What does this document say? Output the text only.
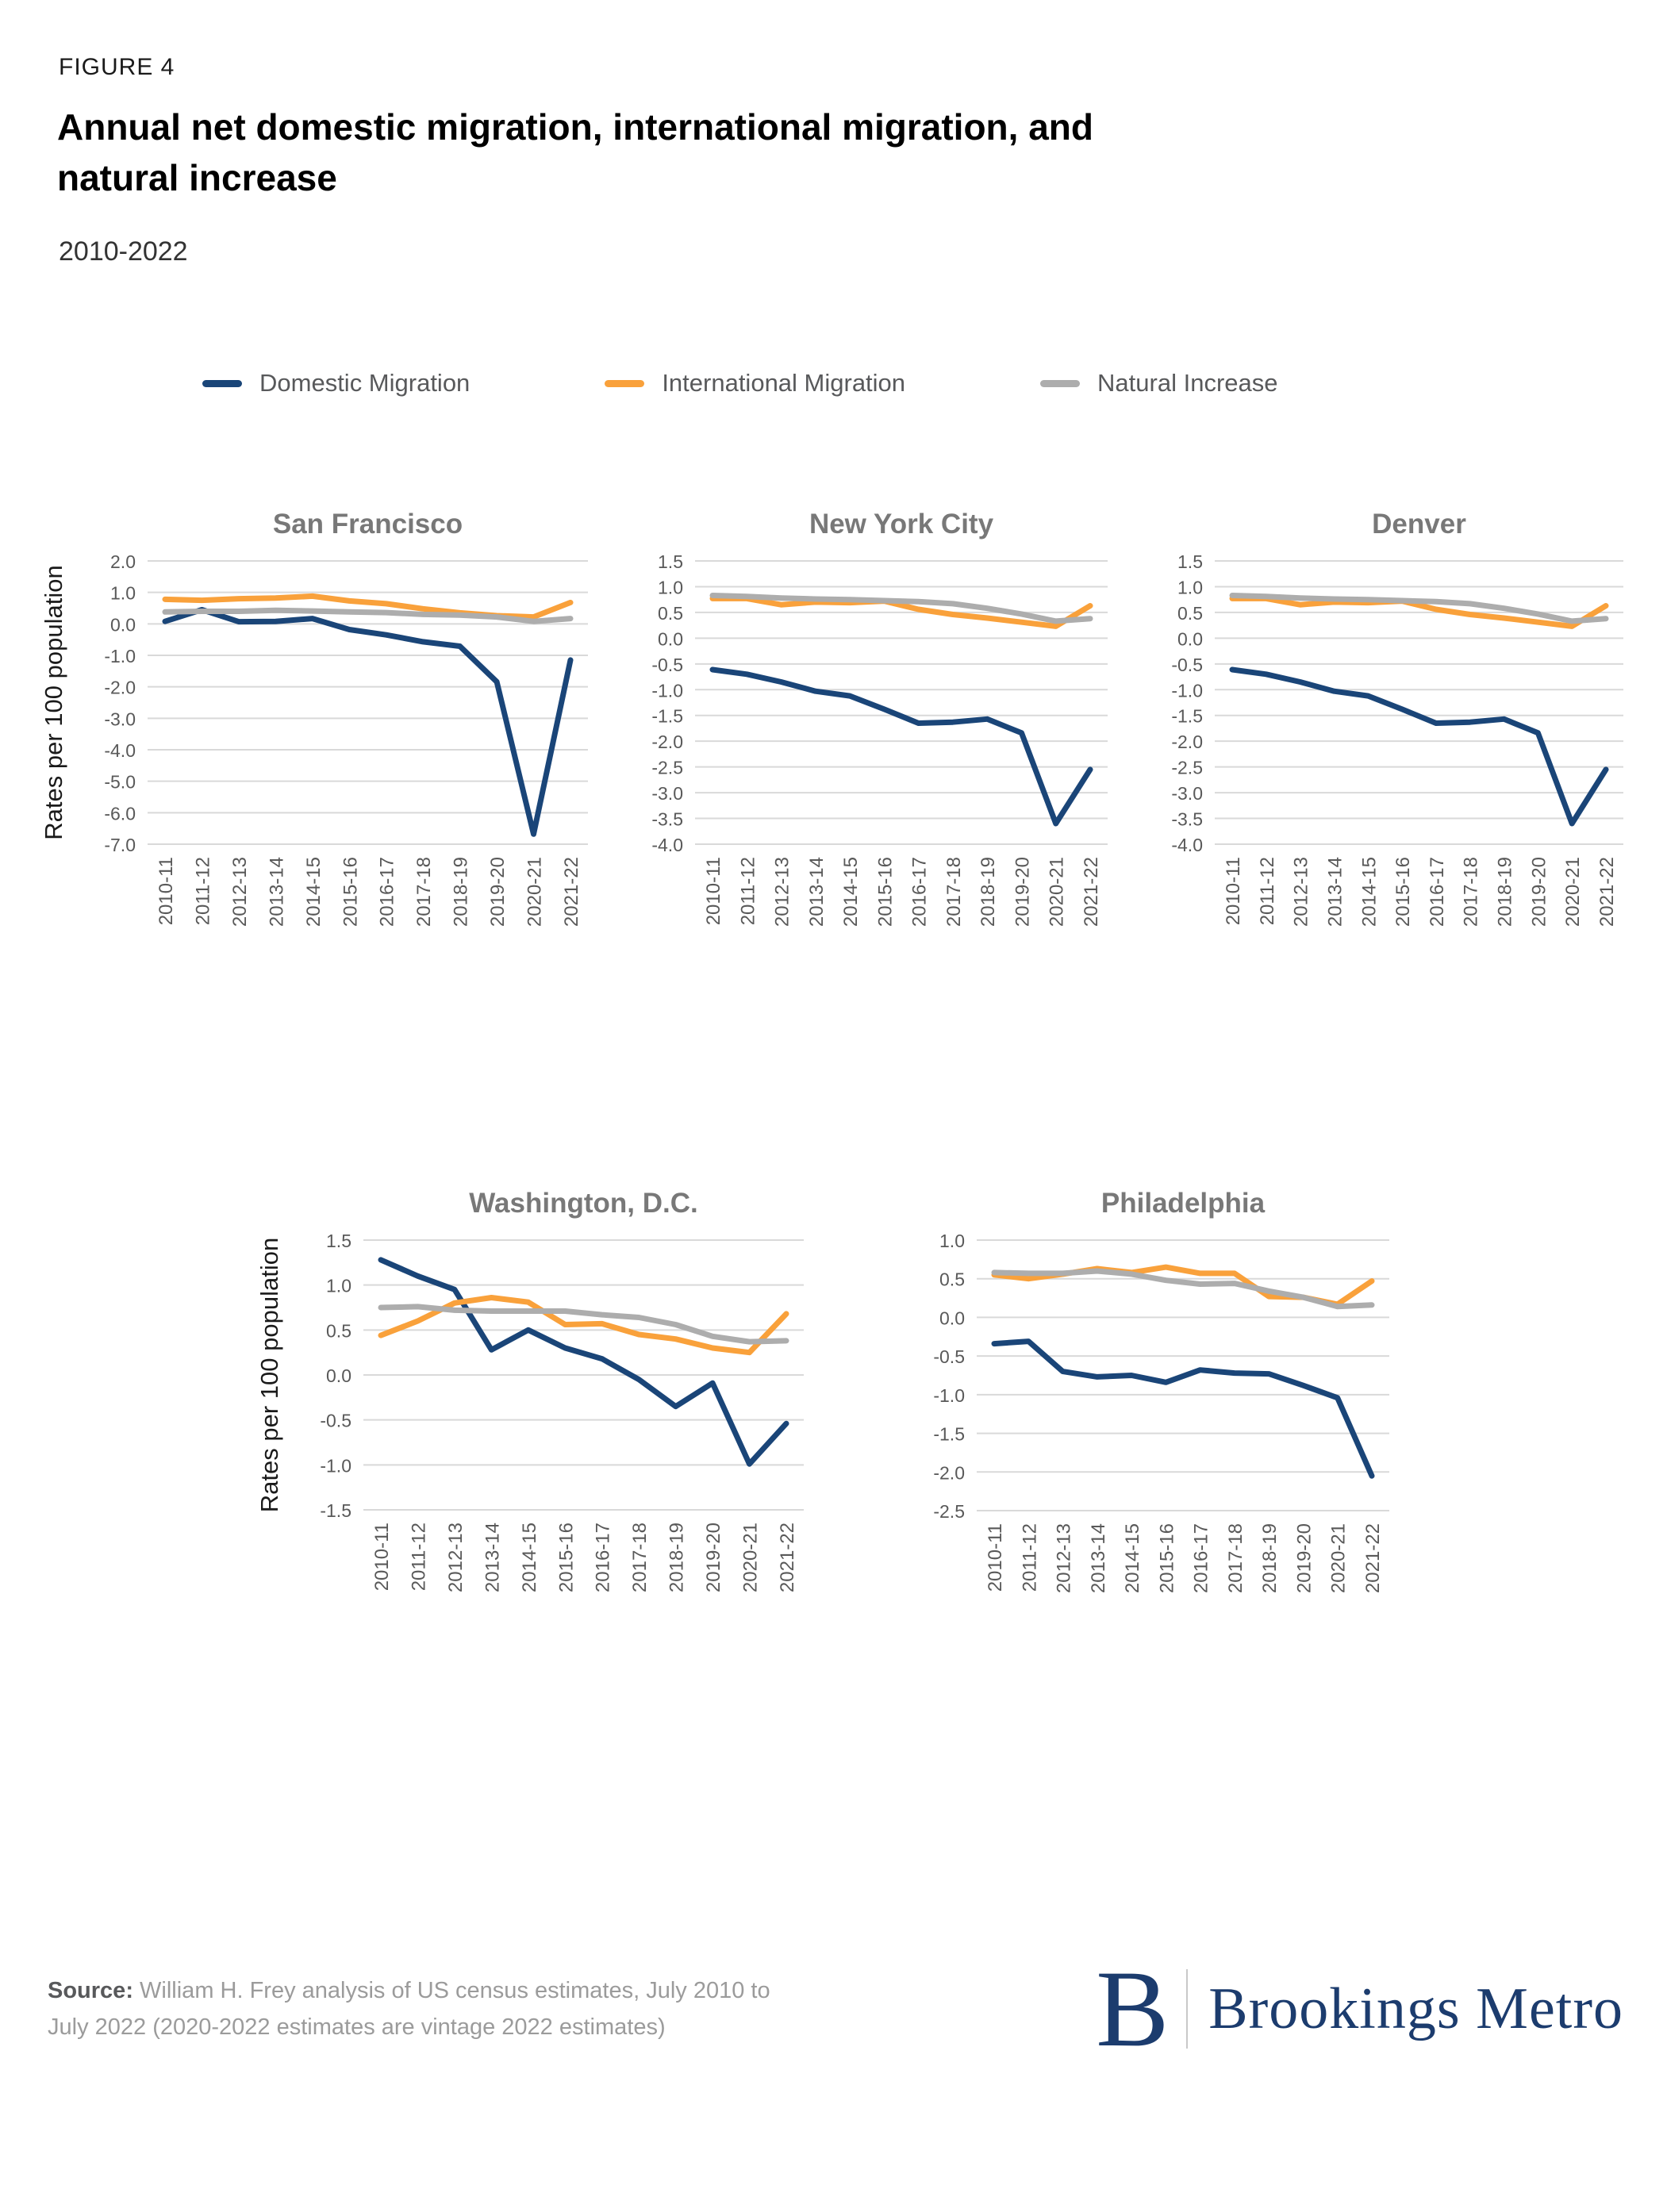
FIGURE 4
Annual net domestic migration, international migration, and
natural increase
2010-2022
Domestic Migration	International Migration	Natural Increase
San Francisco
2.0
1.0
0.0
-1.0
-2.0
-3.0
-4.0
-5.0
-6.0
-7.0
2010-11 2011-12 2012-13 2013-14 2014-15 2015-16 2016-17 2017-18 2018-19 2019-20 2020-21 2021-22
Rates per 100 population
New York City
1.5
1.0
0.5
0.0
-0.5
-1.0
-1.5
-2.0
-2.5
-3.0
-3.5
-4.0
2010-11 2011-12 2012-13 2013-14 2014-15 2015-16 2016-17 2017-18 2018-19 2019-20 2020-21 2021-22
Denver
1.5
1.0
0.5
0.0
-0.5
-1.0
-1.5
-2.0
-2.5
-3.0
-3.5
-4.0
2010-11 2011-12 2012-13 2013-14 2014-15 2015-16 2016-17 2017-18 2018-19 2019-20 2020-21 2021-22
Washington, D.C.
1.5
1.0
0.5
0.0
-0.5
-1.0
-1.5
2010-11 2011-12 2012-13 2013-14 2014-15 2015-16 2016-17 2017-18 2018-19 2019-20 2020-21 2021-22
Rates per 100 population
Philadelphia
1.0
0.5
0.0
-0.5
-1.0
-1.5
-2.0
-2.5
2010-11 2011-12 2012-13 2013-14 2014-15 2015-16 2016-17 2017-18 2018-19 2019-20 2020-21 2021-22
Source: William H. Frey analysis of US census estimates, July 2010 to
July 2022 (2020-2022 estimates are vintage 2022 estimates)	B Brookings Metro
